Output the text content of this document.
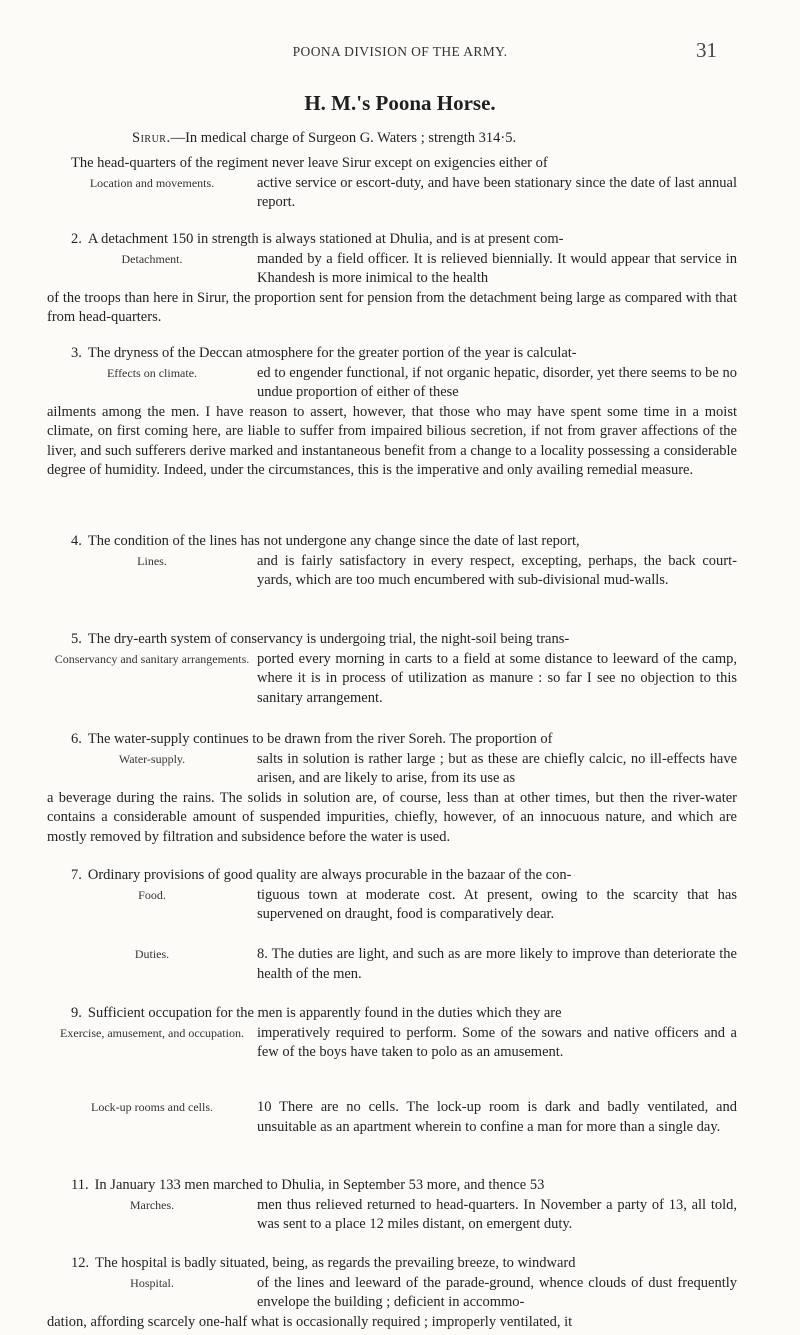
POONA DIVISION OF THE ARMY.	31
H. M.'s Poona Horse.
Sirur.—In medical charge of Surgeon G. Waters ; strength 314·5.
The head-quarters of the regiment never leave Sirur except on exigencies either of
Location and movements.	active service or escort-duty, and have been stationary since the date of last annual report.
2. A detachment 150 in strength is always stationed at Dhulia, and is at present com-
Detachment.	manded by a field officer. It is relieved biennially. It would appear that service in Khandesh is more inimical to the health
of the troops than here in Sirur, the proportion sent for pension from the detachment being large as compared with that from head-quarters.
3. The dryness of the Deccan atmosphere for the greater portion of the year is calculat-
Effects on climate.	ed to engender functional, if not organic hepatic, disorder, yet there seems to be no undue proportion of either of these
ailments among the men. I have reason to assert, however, that those who may have spent some time in a moist climate, on first coming here, are liable to suffer from impaired bilious secretion, if not from graver affections of the liver, and such sufferers derive marked and instantaneous benefit from a change to a locality possessing a considerable degree of humidity. Indeed, under the circumstances, this is the imperative and only availing remedial measure.
4. The condition of the lines has not undergone any change since the date of last report,
Lines.	and is fairly satisfactory in every respect, excepting, perhaps, the back court-yards, which are too much encumbered with sub-divisional mud-walls.
5. The dry-earth system of conservancy is undergoing trial, the night-soil being trans-
Conservancy and sanitary arrangements. ported every morning in carts to a field at some distance to leeward of the camp, where it is in process of utilization as manure : so far I see no objection to this sanitary arrangement.
6. The water-supply continues to be drawn from the river Soreh. The proportion of
Water-supply.	salts in solution is rather large ; but as these are chiefly calcic, no ill-effects have arisen, and are likely to arise, from its use as
a beverage during the rains. The solids in solution are, of course, less than at other times, but then the river-water contains a considerable amount of suspended impurities, chiefly, however, of an innocuous nature, and which are mostly removed by filtration and subsidence before the water is used.
7. Ordinary provisions of good quality are always procurable in the bazaar of the con-
Food.	tiguous town at moderate cost. At present, owing to the scarcity that has supervened on draught, food is comparatively dear.
Duties.	8. The duties are light, and such as are more likely to improve than deteriorate the health of the men.
9. Sufficient occupation for the men is apparently found in the duties which they are
Exercise, amusement, and occupation. imperatively required to perform. Some of the sowars and native officers and a few of the boys have taken to polo as an amusement.
Lock-up rooms and cells.	10 There are no cells. The lock-up room is dark and badly ventilated, and unsuitable as an apartment wherein to confine a man for more than a single day.
11. In January 133 men marched to Dhulia, in September 53 more, and thence 53
Marches.	men thus relieved returned to head-quarters. In November a party of 13, all told, was sent to a place 12 miles distant, on emergent duty.
12. The hospital is badly situated, being, as regards the prevailing breeze, to windward
Hospital.	of the lines and leeward of the parade-ground, whence clouds of dust frequently envelope the building ; deficient in accommo-
dation, affording scarcely one-half what is occasionally required ; improperly ventilated, it
